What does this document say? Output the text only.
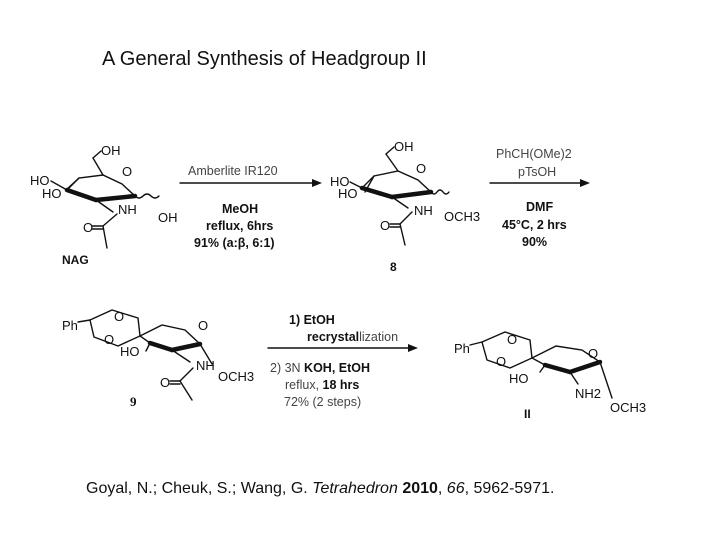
A General Synthesis of Headgroup II
OH
O
HO
HO
NH
OH
O
NAG
Amberlite IR120
MeOH
reflux, 6hrs
91% (a:β, 6:1)
OH
O
HO
HO
NH OCH3
O
8
PhCH(OMe)2
pTsOH
DMF
45°C, 2 hrs
90%
Ph
O
O
O
HO
NH
OCH3
O
9
1) EtOH
recrystallization
2) 3N KOH, EtOH
reflux, 18 hrs
72% (2 steps)
Ph
O
O
O
HO
NH2
OCH3
II
Goyal, N.; Cheuk, S.; Wang, G. Tetrahedron 2010, 66, 5962-5971.
